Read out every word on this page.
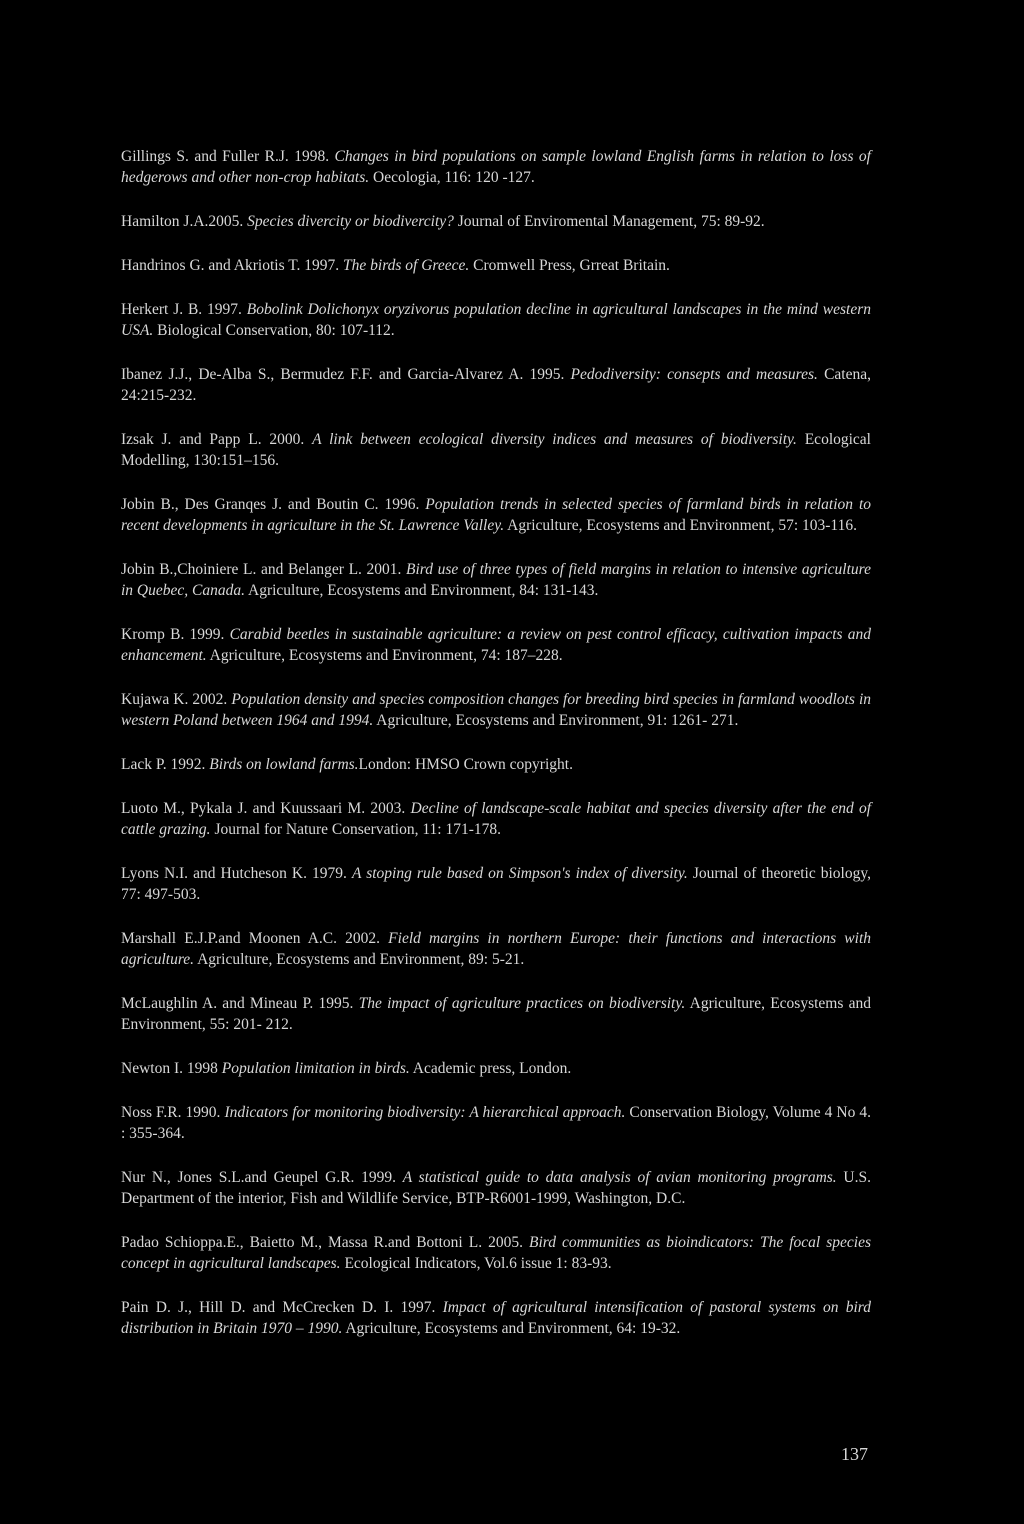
Gillings S. and Fuller R.J. 1998. Changes in bird populations on sample lowland English farms in relation to loss of hedgerows and other non-crop habitats. Oecologia, 116: 120 -127.

Hamilton J.A.2005. Species divercity or biodivercity? Journal of Enviromental Management, 75: 89-92.

Handrinos G. and Akriotis T. 1997. The birds of Greece. Cromwell Press, Grreat Britain.

Herkert J. B. 1997. Bobolink Dolichonyx oryzivorus population decline in agricultural landscapes in the mind western USA. Biological Conservation, 80: 107-112.

Ibanez J.J., De-Alba S., Bermudez F.F. and Garcia-Alvarez A. 1995. Pedodiversity: consepts and measures. Catena, 24:215-232.

Izsak J. and Papp L. 2000. A link between ecological diversity indices and measures of biodiversity. Ecological Modelling, 130:151–156.

Jobin B., Des Granqes J. and Boutin C. 1996. Population trends in selected species of farmland birds in relation to recent developments in agriculture in the St. Lawrence Valley. Agriculture, Ecosystems and Environment, 57: 103-116.

Jobin B.,Choiniere L. and Belanger L. 2001. Bird use of three types of field margins in relation to intensive agriculture in Quebec, Canada. Agriculture, Ecosystems and Environment, 84: 131-143.

Kromp B. 1999. Carabid beetles in sustainable agriculture: a review on pest control efficacy, cultivation impacts and enhancement. Agriculture, Ecosystems and Environment, 74: 187–228.

Kujawa K. 2002. Population density and species composition changes for breeding bird species in farmland woodlots in western Poland between 1964 and 1994. Agriculture, Ecosystems and Environment, 91: 1261- 271.

Lack P. 1992. Birds on lowland farms.London: HMSO Crown copyright.

Luoto M., Pykala J. and Kuussaari M. 2003. Decline of landscape-scale habitat and species diversity after the end of cattle grazing. Journal for Nature Conservation, 11: 171-178.

Lyons N.I. and Hutcheson K. 1979. A stoping rule based on Simpson's index of diversity. Journal of theoretic biology, 77: 497-503.

Marshall E.J.P.and Moonen A.C. 2002. Field margins in northern Europe: their functions and interactions with agriculture. Agriculture, Ecosystems and Environment, 89: 5-21.

McLaughlin A. and Mineau P. 1995. The impact of agriculture practices on biodiversity. Agriculture, Ecosystems and Environment, 55: 201- 212.

Newton I. 1998 Population limitation in birds. Academic press, London.

Noss F.R. 1990. Indicators for monitoring biodiversity: A hierarchical approach. Conservation Biology, Volume 4 No 4. : 355-364.

Nur N., Jones S.L.and Geupel G.R. 1999. A statistical guide to data analysis of avian monitoring programs. U.S. Department of the interior, Fish and Wildlife Service, BTP-R6001-1999, Washington, D.C.

Padao Schioppa.E., Baietto M., Massa R.and Bottoni L. 2005. Bird communities as bioindicators: The focal species concept in agricultural landscapes. Ecological Indicators, Vol.6 issue 1: 83-93.

Pain D. J., Hill D. and McCrecken D. I. 1997. Impact of agricultural intensification of pastoral systems on bird distribution in Britain 1970 – 1990. Agriculture, Ecosystems and Environment, 64: 19-32.

137
